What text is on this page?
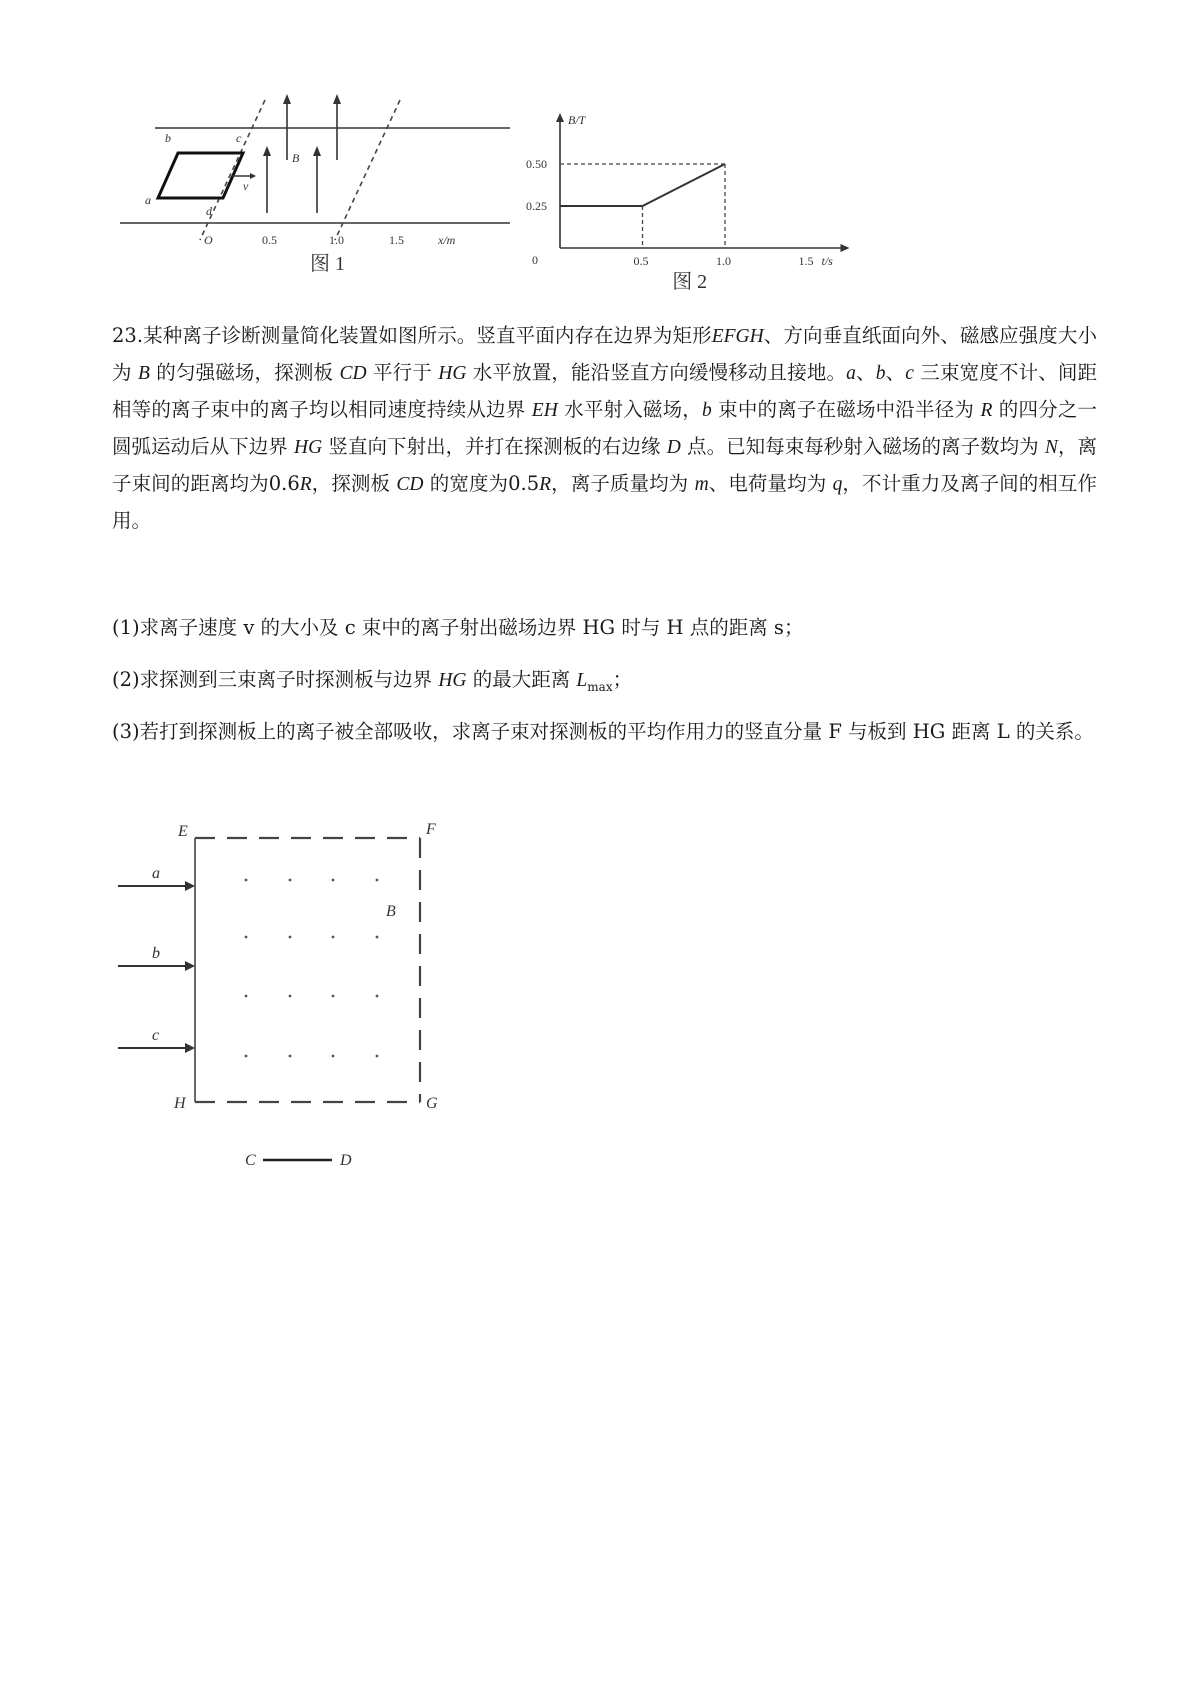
a
b	c
d
B
v
O	0.5	1.0	1.5	x/m
图 1
B/T
0.50
0.25
0	0.5	1.0	1.5 t/s
图 2

23.某种离子诊断测量简化装置如图所示。竖直平面内存在边界为矩形EFGH、方向垂直纸面向外、磁感应强度大小为 B 的匀强磁场，探测板 CD 平行于 HG 水平放置，能沿竖直方向缓慢移动且接地。a、b、c 三束宽度不计、间距相等的离子束中的离子均以相同速度持续从边界 EH 水平射入磁场，b 束中的离子在磁场中沿半径为 R 的四分之一圆弧运动后从下边界 HG 竖直向下射出，并打在探测板的右边缘 D 点。已知每束每秒射入磁场的离子数均为 N，离子束间的距离均为0.6R，探测板 CD 的宽度为0.5R，离子质量均为 m、电荷量均为 q，不计重力及离子间的相互作用。

(1)求离子速度 v 的大小及 c 束中的离子射出磁场边界 HG 时与 H 点的距离 s；

(2)求探测到三束离子时探测板与边界 HG 的最大距离 $L_{max}$；

(3)若打到探测板上的离子被全部吸收，求离子束对探测板的平均作用力的竖直分量 F 与板到 HG 距离 L 的关系。

E	F
H	G
a
b
c
B
C	D
